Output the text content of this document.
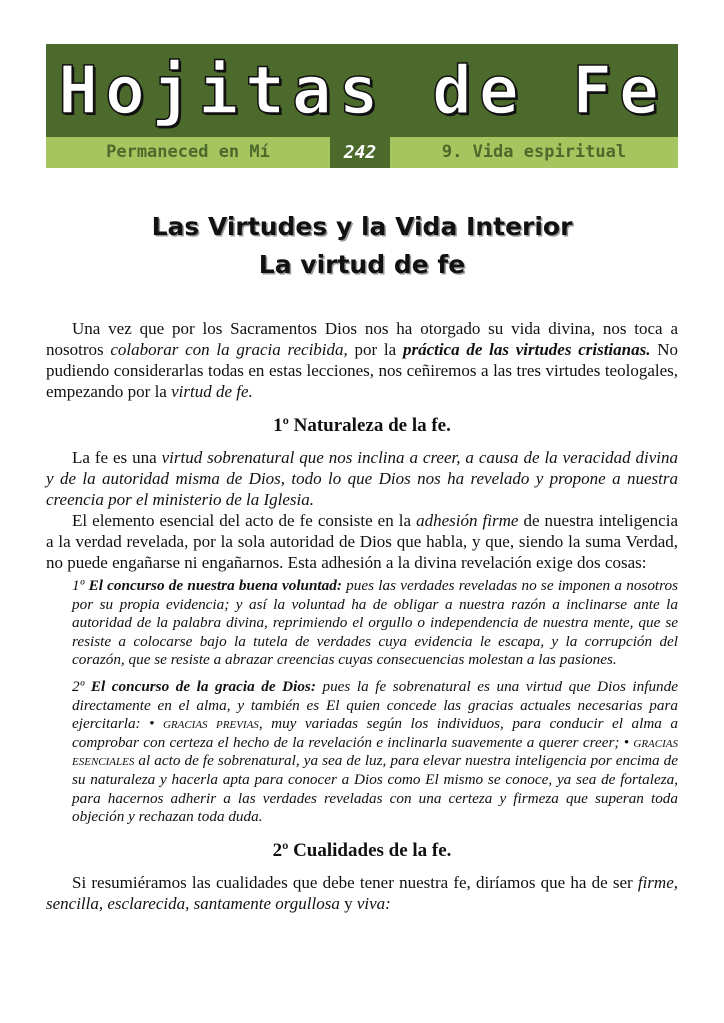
Hojitas de Fe
Permaneced en Mí	242	9. Vida espiritual
Las Virtudes y la Vida Interior
La virtud de fe

Una vez que por los Sacramentos Dios nos ha otorgado su vida divina, nos toca a nosotros colaborar con la gracia recibida, por la práctica de las virtudes cristianas. No pudiendo considerarlas todas en estas lecciones, nos ceñiremos a las tres virtudes teologales, empezando por la virtud de fe.

1º Naturaleza de la fe.

La fe es una virtud sobrenatural que nos inclina a creer, a causa de la veracidad divina y de la autoridad misma de Dios, todo lo que Dios nos ha revelado y propone a nuestra creencia por el ministerio de la Iglesia.

El elemento esencial del acto de fe consiste en la adhesión firme de nuestra inteligencia a la verdad revelada, por la sola autoridad de Dios que habla, y que, siendo la suma Verdad, no puede engañarse ni engañarnos. Esta adhesión a la divina revelación exige dos cosas:

1º El concurso de nuestra buena voluntad: pues las verdades reveladas no se imponen a nosotros por su propia evidencia; y así la voluntad ha de obligar a nuestra razón a inclinarse ante la autoridad de la palabra divina, reprimiendo el orgullo o independencia de nuestra mente, que se resiste a colocarse bajo la tutela de verdades cuya evidencia le escapa, y la corrupción del corazón, que se resiste a abrazar creencias cuyas consecuencias molestan a las pasiones.

2º El concurso de la gracia de Dios: pues la fe sobrenatural es una virtud que Dios infunde directamente en el alma, y también es El quien concede las gracias actuales necesarias para ejercitarla: • gracias previas, muy variadas según los individuos, para conducir el alma a comprobar con certeza el hecho de la revelación e inclinarla suavemente a querer creer; • gracias esenciales al acto de fe sobrenatural, ya sea de luz, para elevar nuestra inteligencia por encima de su naturaleza y hacerla apta para conocer a Dios como El mismo se conoce, ya sea de fortaleza, para hacernos adherir a las verdades reveladas con una certeza y firmeza que superan toda objeción y rechazan toda duda.

2º Cualidades de la fe.

Si resumiéramos las cualidades que debe tener nuestra fe, diríamos que ha de ser firme, sencilla, esclarecida, santamente orgullosa y viva:
